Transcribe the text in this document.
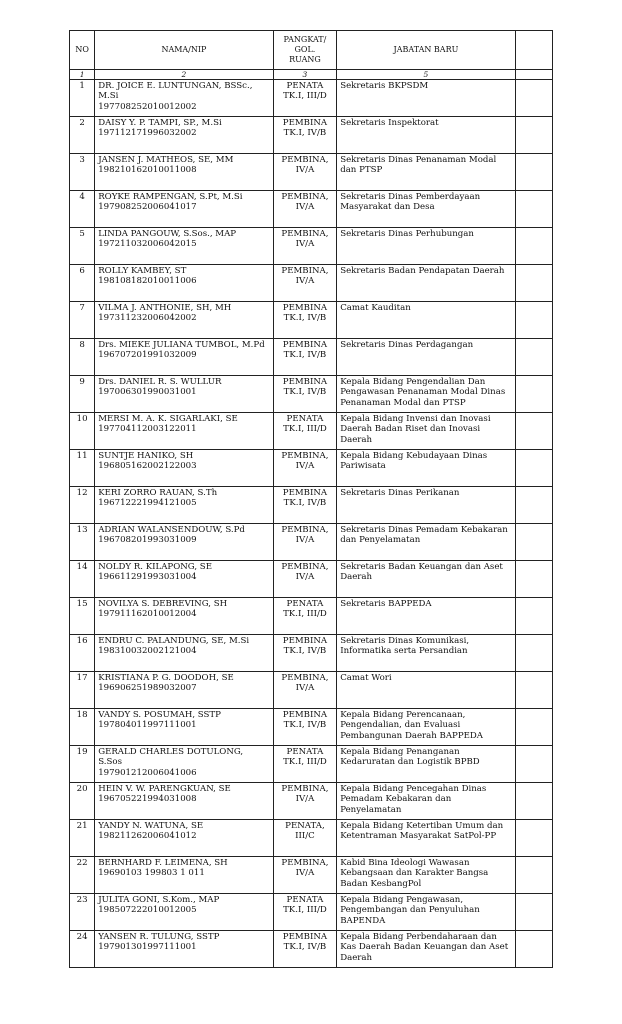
NO	NAMA/NIP	PANGKAT/
GOL.
RUANG	JABATAN BARU	
1	2	3	5	
1	DR. JOICE E. LUNTUNGAN, BSSc.,
M.Si
197708252010012002	PENATA
TK.I, III/D	Sekretaris BKPSDM	
2	DAISY Y. P. TAMPI, SP., M.Si
197112171996032002	PEMBINA
TK.I, IV/B	Sekretaris Inspektorat	
3	JANSEN J. MATHEOS, SE, MM
198210162010011008	PEMBINA,
IV/A	Sekretaris Dinas Penanaman Modal dan PTSP	
4	ROYKE RAMPENGAN, S.Pt, M.Si
197908252006041017	PEMBINA,
IV/A	Sekretaris Dinas Pemberdayaan Masyarakat dan Desa	
5	LINDA PANGOUW, S.Sos., MAP
197211032006042015	PEMBINA,
IV/A	Sekretaris Dinas Perhubungan	
6	ROLLY KAMBEY, ST
198108182010011006	PEMBINA,
IV/A	Sekretaris Badan Pendapatan Daerah	
7	VILMA J. ANTHONIE, SH, MH
197311232006042002	PEMBINA
TK.I, IV/B	Camat Kauditan	
8	Drs. MIEKE JULIANA TUMBOL, M.Pd
196707201991032009	PEMBINA
TK.I, IV/B	Sekretaris Dinas Perdagangan	
9	Drs. DANIEL R. S. WULLUR
197006301990031001	PEMBINA
TK.I, IV/B	Kepala Bidang Pengendalian Dan Pengawasan Penanaman Modal Dinas Penanaman Modal dan PTSP	
10	MERSI M. A. K. SIGARLAKI, SE
197704112003122011	PENATA
TK.I, III/D	Kepala Bidang Invensi dan Inovasi Daerah Badan Riset dan Inovasi Daerah	
11	SUNTJE HANIKO, SH
196805162002122003	PEMBINA,
IV/A	Kepala Bidang Kebudayaan Dinas Pariwisata	
12	KERI ZORRO RAUAN, S.Th
196712221994121005	PEMBINA
TK.I, IV/B	Sekretaris Dinas Perikanan	
13	ADRIAN WALANSENDOUW, S.Pd
196708201993031009	PEMBINA,
IV/A	Sekretaris Dinas Pemadam Kebakaran dan Penyelamatan	
14	NOLDY R. KILAPONG, SE
196611291993031004	PEMBINA,
IV/A	Sekretaris Badan Keuangan dan Aset Daerah	
15	NOVILYA S. DEBREVING, SH
197911162010012004	PENATA
TK.I, III/D	Sekretaris BAPPEDA	
16	ENDRU C. PALANDUNG, SE, M.Si
198310032002121004	PEMBINA
TK.I, IV/B	Sekretaris Dinas Komunikasi, Informatika serta Persandian	
17	KRISTIANA P. G. DOODOH, SE
196906251989032007	PEMBINA,
IV/A	Camat Wori	
18	VANDY S. POSUMAH, SSTP
197804011997111001	PEMBINA
TK.I, IV/B	Kepala Bidang Perencanaan, Pengendalian, dan Evaluasi Pembangunan Daerah BAPPEDA	
19	GERALD CHARLES DOTULONG,
S.Sos
197901212006041006	PENATA
TK.I, III/D	Kepala Bidang Penanganan Kedaruratan dan Logistik BPBD	
20	HEIN V. W. PARENGKUAN, SE
196705221994031008	PEMBINA,
IV/A	Kepala Bidang Pencegahan Dinas Pemadam Kebakaran dan Penyelamatan	
21	YANDY N. WATUNA, SE
198211262006041012	PENATA,
III/C	Kepala Bidang Ketertiban Umum dan Ketentraman Masyarakat SatPol-PP	
22	BERNHARD F. LEIMENA, SH
19690103 199803 1 011	PEMBINA,
IV/A	Kabid Bina Ideologi Wawasan Kebangsaan dan Karakter Bangsa Badan KesbangPol	
23	JULITA GONI, S.Kom., MAP
198507222010012005	PENATA
TK.I, III/D	Kepala Bidang Pengawasan, Pengembangan dan Penyuluhan BAPENDA	
24	YANSEN R. TULUNG, SSTP
197901301997111001	PEMBINA
TK.I, IV/B	Kepala Bidang Perbendaharaan dan Kas Daerah Badan Keuangan dan Aset Daerah	
